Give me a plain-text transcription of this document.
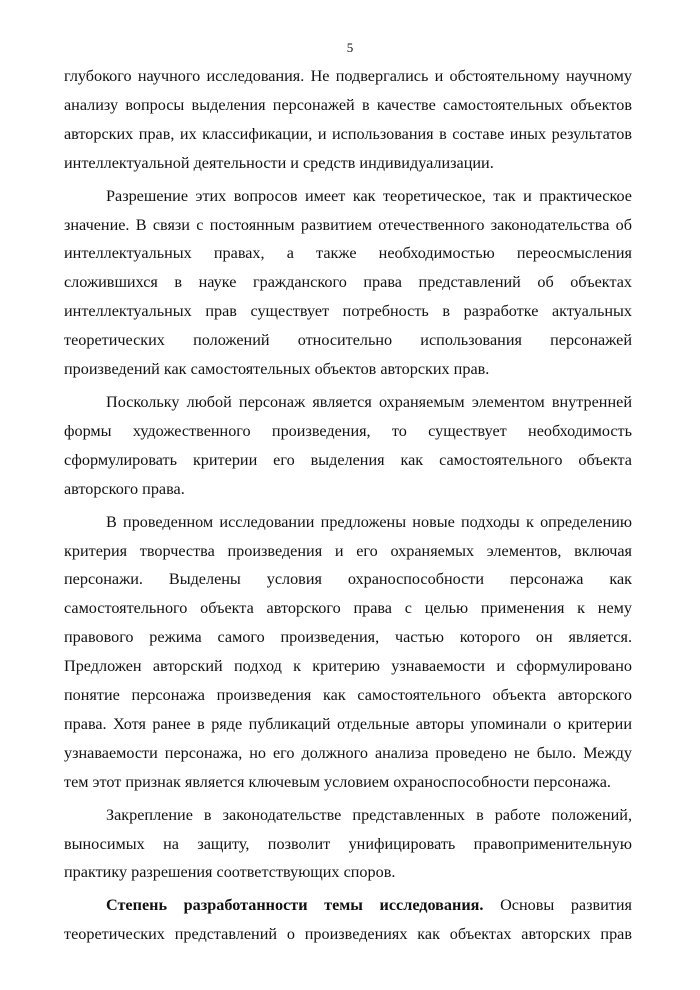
5
глубокого научного исследования. Не подвергались и обстоятельному научному
анализу вопросы выделения персонажей в качестве самостоятельных объектов
авторских прав, их классификации, и использования в составе иных результатов
интеллектуальной деятельности и средств индивидуализации.
Разрешение этих вопросов имеет как теоретическое, так и практическое
значение. В связи с постоянным развитием отечественного законодательства об
интеллектуальных правах, а также необходимостью переосмысления
сложившихся в науке гражданского права представлений об объектах
интеллектуальных прав существует потребность в разработке актуальных
теоретических положений относительно использования персонажей
произведений как самостоятельных объектов авторских прав.
Поскольку любой персонаж является охраняемым элементом внутренней
формы художественного произведения, то существует необходимость
сформулировать критерии его выделения как самостоятельного объекта
авторского права.
В проведенном исследовании предложены новые подходы к определению
критерия творчества произведения и его охраняемых элементов, включая
персонажи. Выделены условия охраноспособности персонажа как
самостоятельного объекта авторского права с целью применения к нему
правового режима самого произведения, частью которого он является.
Предложен авторский подход к критерию узнаваемости и сформулировано
понятие персонажа произведения как самостоятельного объекта авторского
права. Хотя ранее в ряде публикаций отдельные авторы упоминали о критерии
узнаваемости персонажа, но его должного анализа проведено не было. Между
тем этот признак является ключевым условием охраноспособности персонажа.
Закрепление в законодательстве представленных в работе положений,
выносимых на защиту, позволит унифицировать правоприменительную
практику разрешения соответствующих споров.
Степень разработанности темы исследования. Основы развития
теоретических представлений о произведениях как объектах авторских прав
